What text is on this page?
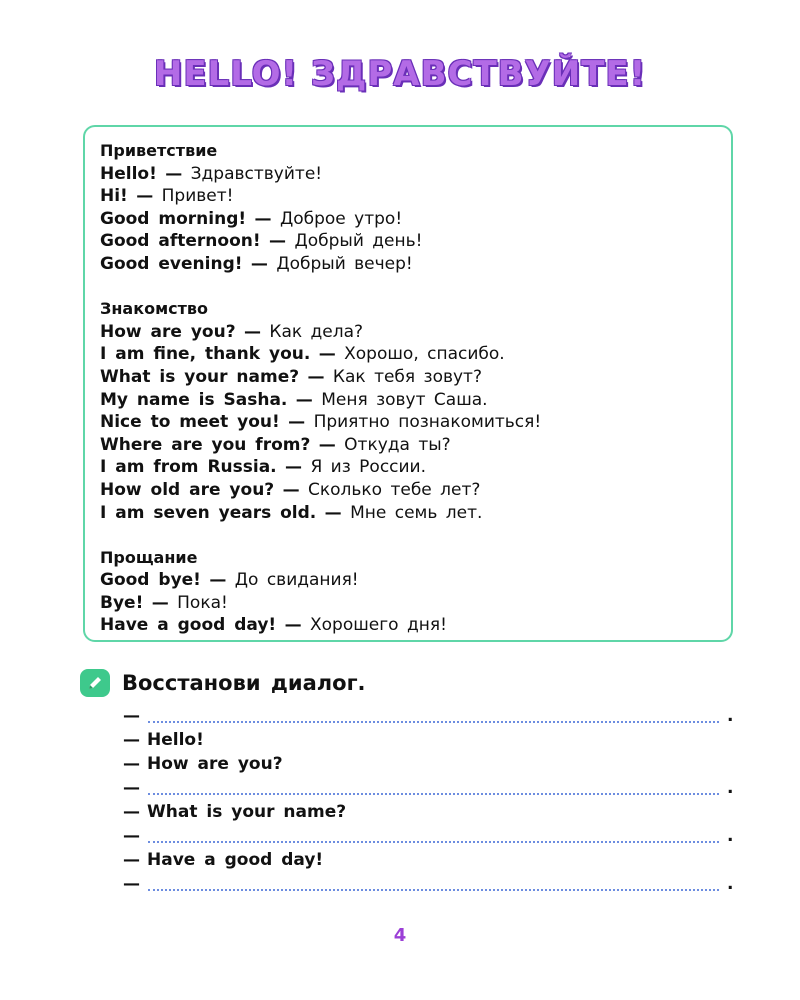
HELLO! ЗДРАВСТВУЙТЕ!
Приветствие
Hello! — Здравствуйте!
Hi! — Привет!
Good morning! — Доброе утро!
Good afternoon! — Добрый день!
Good evening! — Добрый вечер!
Знакомство
How are you? — Как дела?
I am fine, thank you. — Хорошо, спасибо.
What is your name? — Как тебя зовут?
My name is Sasha. — Меня зовут Саша.
Nice to meet you! — Приятно познакомиться!
Where are you from? — Откуда ты?
I am from Russia. — Я из России.
How old are you? — Сколько тебе лет?
I am seven years old. — Мне семь лет.
Прощание
Good bye! — До свидания!
Bye! — Пока!
Have a good day! — Хорошего дня!
Восстанови диалог.
—	.
— Hello!
— How are you?
—	.
— What is your name?
—	.
— Have a good day!
—	.
4
